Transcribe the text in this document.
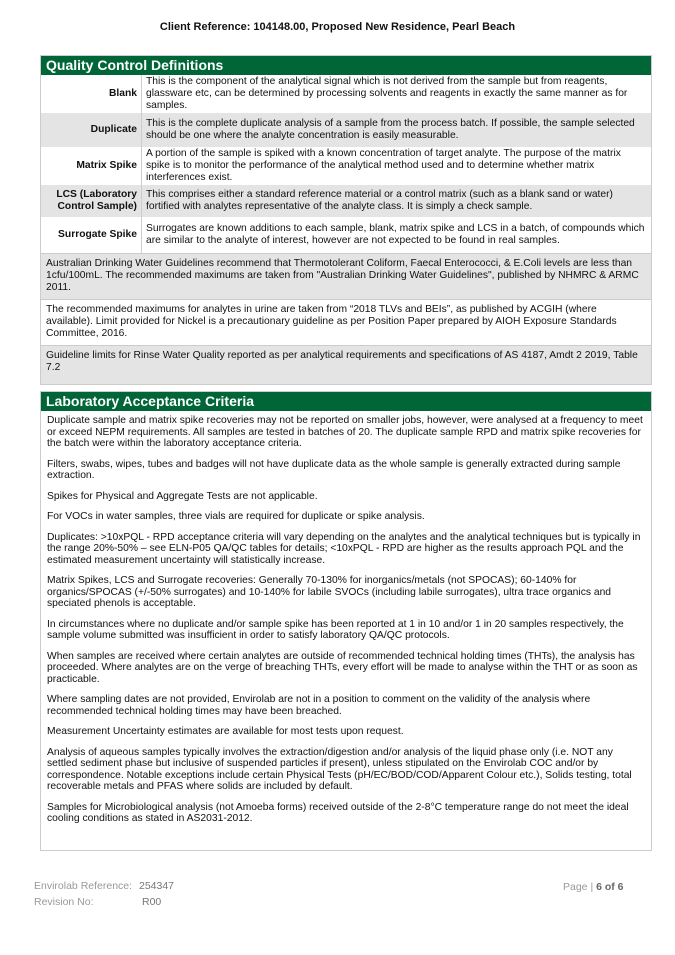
Client Reference: 104148.00, Proposed New Residence, Pearl Beach
Quality Control Definitions
Blank	This is the component of the analytical signal which is not derived from the sample but from reagents, glassware etc, can be determined by processing solvents and reagents in exactly the same manner as for samples.
Duplicate	This is the complete duplicate analysis of a sample from the process batch. If possible, the sample selected should be one where the analyte concentration is easily measurable.
Matrix Spike	A portion of the sample is spiked with a known concentration of target analyte. The purpose of the matrix spike is to monitor the performance of the analytical method used and to determine whether matrix interferences exist.
LCS (Laboratory Control Sample)	This comprises either a standard reference material or a control matrix (such as a blank sand or water) fortified with analytes representative of the analyte class. It is simply a check sample.
Surrogate Spike	Surrogates are known additions to each sample, blank, matrix spike and LCS in a batch, of compounds which are similar to the analyte of interest, however are not expected to be found in real samples.
Australian Drinking Water Guidelines recommend that Thermotolerant Coliform, Faecal Enterococci, & E.Coli levels are less than 1cfu/100mL. The recommended maximums are taken from "Australian Drinking Water Guidelines", published by NHMRC & ARMC 2011.
The recommended maximums for analytes in urine are taken from “2018 TLVs and BEIs”, as published by ACGIH (where available). Limit provided for Nickel is a precautionary guideline as per Position Paper prepared by AIOH Exposure Standards Committee, 2016.
Guideline limits for Rinse Water Quality reported as per analytical requirements and specifications of AS 4187, Amdt 2 2019, Table 7.2
Laboratory Acceptance Criteria

Duplicate sample and matrix spike recoveries may not be reported on smaller jobs, however, were analysed at a frequency to meet or exceed NEPM requirements. All samples are tested in batches of 20. The duplicate sample RPD and matrix spike recoveries for the batch were within the laboratory acceptance criteria.

Filters, swabs, wipes, tubes and badges will not have duplicate data as the whole sample is generally extracted during sample extraction.

Spikes for Physical and Aggregate Tests are not applicable.

For VOCs in water samples, three vials are required for duplicate or spike analysis.

Duplicates: >10xPQL - RPD acceptance criteria will vary depending on the analytes and the analytical techniques but is typically in the range 20%-50% – see ELN-P05 QA/QC tables for details; <10xPQL - RPD are higher as the results approach PQL and the estimated measurement uncertainty will statistically increase.

Matrix Spikes, LCS and Surrogate recoveries: Generally 70-130% for inorganics/metals (not SPOCAS); 60-140% for organics/SPOCAS (+/-50% surrogates) and 10-140% for labile SVOCs (including labile surrogates), ultra trace organics and speciated phenols is acceptable.

In circumstances where no duplicate and/or sample spike has been reported at 1 in 10 and/or 1 in 20 samples respectively, the sample volume submitted was insufficient in order to satisfy laboratory QA/QC protocols.

When samples are received where certain analytes are outside of recommended technical holding times (THTs), the analysis has proceeded. Where analytes are on the verge of breaching THTs, every effort will be made to analyse within the THT or as soon as practicable.

Where sampling dates are not provided, Envirolab are not in a position to comment on the validity of the analysis where recommended technical holding times may have been breached.

Measurement Uncertainty estimates are available for most tests upon request.

Analysis of aqueous samples typically involves the extraction/digestion and/or analysis of the liquid phase only (i.e. NOT any settled sediment phase but inclusive of suspended particles if present), unless stipulated on the Envirolab COC and/or by correspondence. Notable exceptions include certain Physical Tests (pH/EC/BOD/COD/Apparent Colour etc.), Solids testing, total recoverable metals and PFAS where solids are included by default.

Samples for Microbiological analysis (not Amoeba forms) received outside of the 2-8°C temperature range do not meet the ideal cooling conditions as stated in AS2031-2012.

Envirolab Reference: 254347
Revision No:	R00
Page | 6 of 6
